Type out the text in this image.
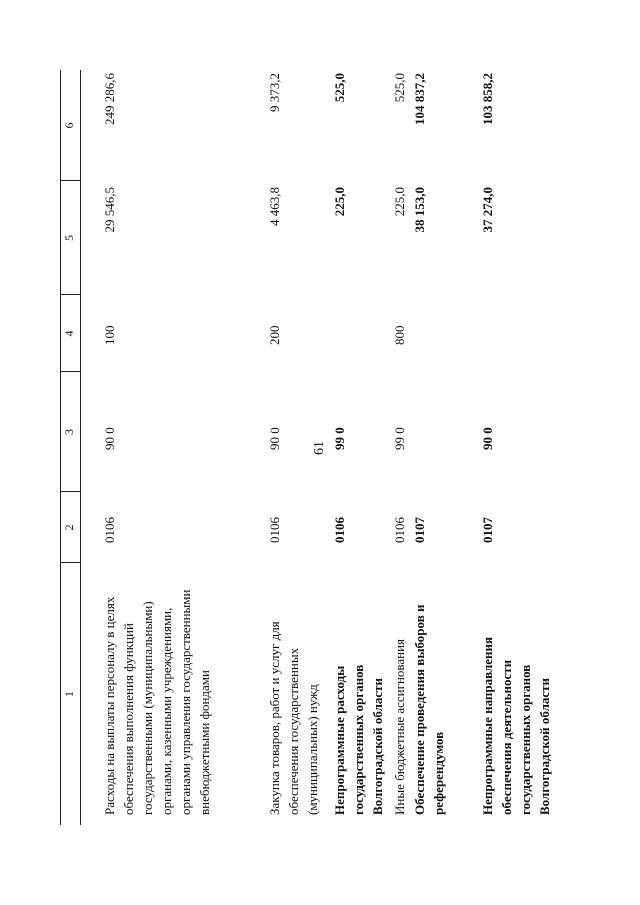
61
1
2
3
4
5
6
Расходы на выплаты персоналу в целях обеспечения выполнения функций государственными (муниципальными) органами, казенными учреждениями, органами управления государственными внебюджетными фондами
0106
90 0
100
29 546,5
249 286,6
Закупка товаров, работ и услуг для обеспечения государственных (муниципальных) нужд
0106
90 0
200
4 463,8
9 373,2
Непрограммные расходы государственных органов Волгоградской области
0106
99 0
225,0
525,0
Иные бюджетные ассигнования
0106
99 0
800
225,0
525,0
Обеспечение проведения выборов и референдумов
0107
38 153,0
104 837,2
Непрограммные направления обеспечения деятельности государственных органов Волгоградской области
0107
90 0
37 274,0
103 858,2
